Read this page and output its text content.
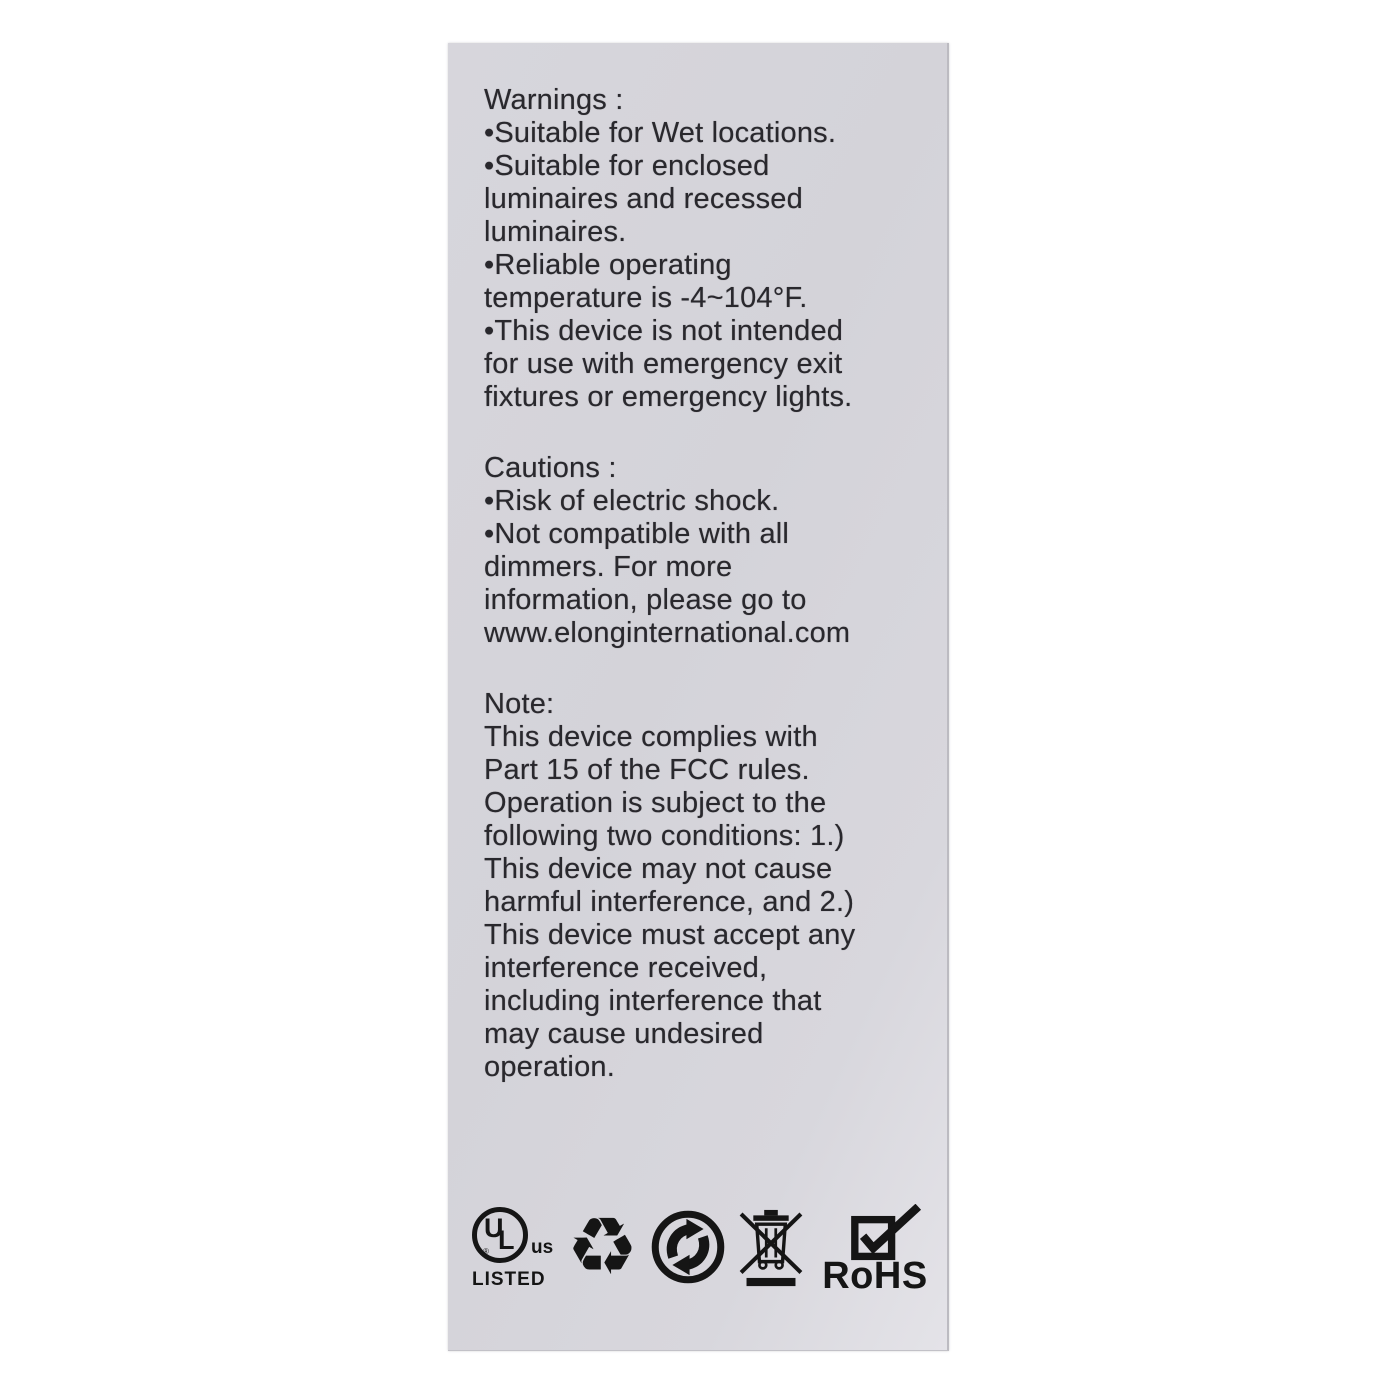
Warnings :
•Suitable for Wet locations.
•Suitable for enclosed
luminaires and recessed
luminaires.
•Reliable operating
temperature is -4~104°F.
•This device is not intended
for use with emergency exit
fixtures or emergency lights.
Cautions :
•Risk of electric shock.
•Not compatible with all
dimmers. For more
information, please go to
www.elonginternational.com
Note:
This device complies with
Part 15 of the FCC rules.
Operation is subject to the
following two conditions: 1.)
This device may not cause
harmful interference, and 2.)
This device must accept any
interference received,
including interference that
may cause undesired
operation.
U
L
® us
LISTED ♻	RoHS
